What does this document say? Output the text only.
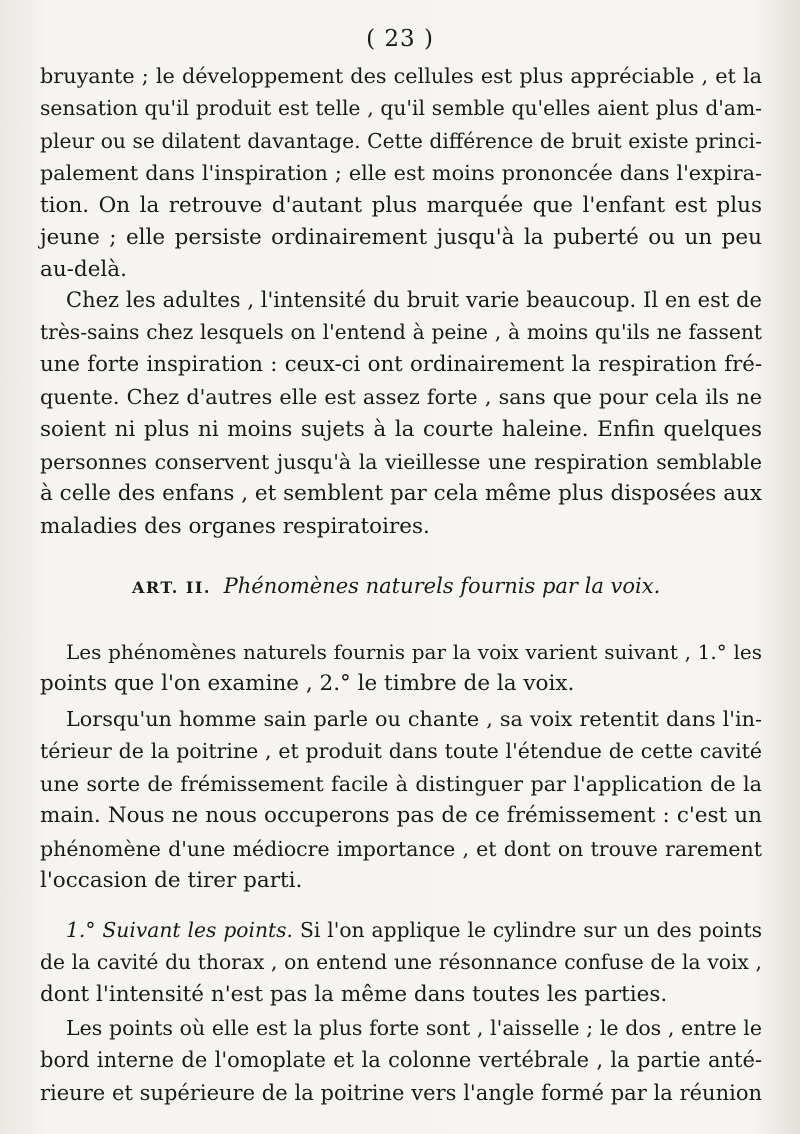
( 23 )
bruyante ; le développement des cellules est plus appréciable , et la
sensation qu'il produit est telle , qu'il semble qu'elles aient plus d'am-
pleur ou se dilatent davantage. Cette différence de bruit existe princi-
palement dans l'inspiration ; elle est moins prononcée dans l'expira-
tion. On la retrouve d'autant plus marquée que l'enfant est plus
jeune ; elle persiste ordinairement jusqu'à la puberté ou un peu
au-delà.
Chez les adultes , l'intensité du bruit varie beaucoup. Il en est de
très-sains chez lesquels on l'entend à peine , à moins qu'ils ne fassent
une forte inspiration : ceux-ci ont ordinairement la respiration fré-
quente. Chez d'autres elle est assez forte , sans que pour cela ils ne
soient ni plus ni moins sujets à la courte haleine. Enfin quelques
personnes conservent jusqu'à la vieillesse une respiration semblable
à celle des enfans , et semblent par cela même plus disposées aux
maladies des organes respiratoires.
ART. II. Phénomènes naturels fournis par la voix.
Les phénomènes naturels fournis par la voix varient suivant , 1.° les
points que l'on examine , 2.° le timbre de la voix.
Lorsqu'un homme sain parle ou chante , sa voix retentit dans l'in-
térieur de la poitrine , et produit dans toute l'étendue de cette cavité
une sorte de frémissement facile à distinguer par l'application de la
main. Nous ne nous occuperons pas de ce frémissement : c'est un
phénomène d'une médiocre importance , et dont on trouve rarement
l'occasion de tirer parti.
1.° Suivant les points. Si l'on applique le cylindre sur un des points
de la cavité du thorax , on entend une résonnance confuse de la voix ,
dont l'intensité n'est pas la même dans toutes les parties.
Les points où elle est la plus forte sont , l'aisselle ; le dos , entre le
bord interne de l'omoplate et la colonne vertébrale , la partie anté-
rieure et supérieure de la poitrine vers l'angle formé par la réunion
